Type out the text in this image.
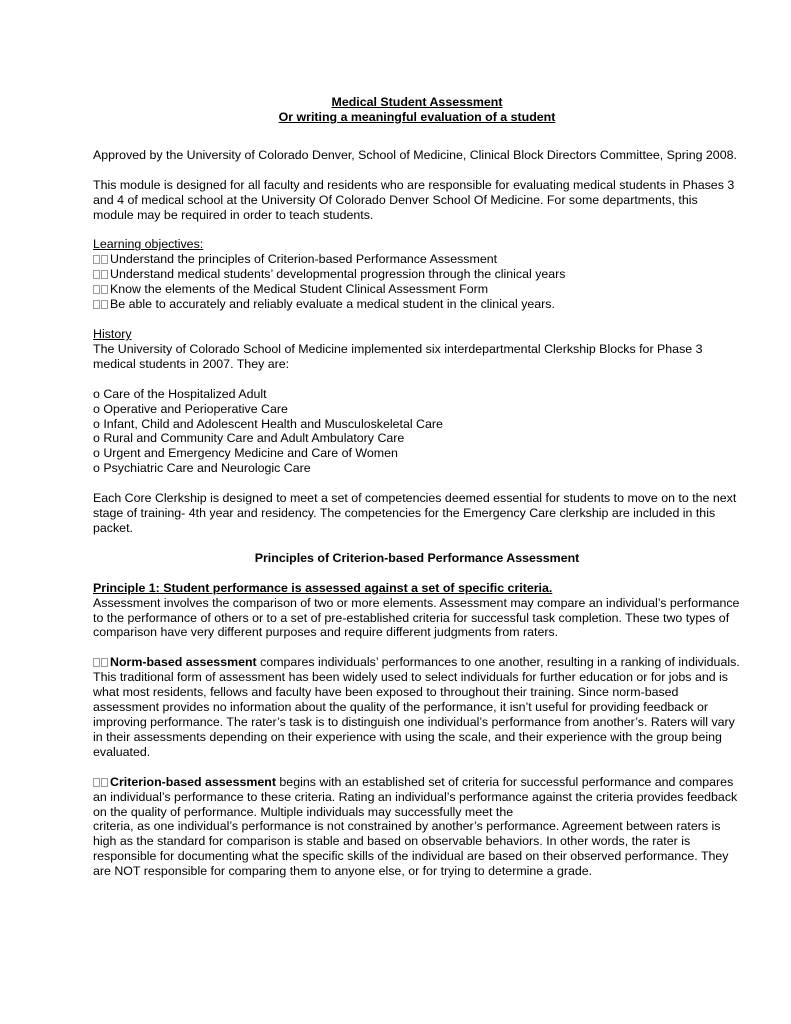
Medical Student Assessment

Or writing a meaningful evaluation of a student

Approved by the University of Colorado Denver, School of Medicine, Clinical Block Directors Committee, Spring 2008.

This module is designed for all faculty and residents who are responsible for evaluating medical students in Phases 3 and 4 of medical school at the University Of Colorado Denver School Of Medicine. For some departments, this module may be required in order to teach students.

Learning objectives:

Understand the principles of Criterion-based Performance Assessment

Understand medical students’ developmental progression through the clinical years

Know the elements of the Medical Student Clinical Assessment Form

Be able to accurately and reliably evaluate a medical student in the clinical years.

History

The University of Colorado School of Medicine implemented six interdepartmental Clerkship Blocks for Phase 3 medical students in 2007. They are:

o Care of the Hospitalized Adult

o Operative and Perioperative Care

o Infant, Child and Adolescent Health and Musculoskeletal Care

o Rural and Community Care and Adult Ambulatory Care

o Urgent and Emergency Medicine and Care of Women

o Psychiatric Care and Neurologic Care

Each Core Clerkship is designed to meet a set of competencies deemed essential for students to move on to the next stage of training- 4th year and residency. The competencies for the Emergency Care clerkship are included in this packet.

Principles of Criterion-based Performance Assessment

Principle 1: Student performance is assessed against a set of specific criteria.

Assessment involves the comparison of two or more elements. Assessment may compare an individual’s performance to the performance of others or to a set of pre-established criteria for successful task completion. These two types of comparison have very different purposes and require different judgments from raters.

Norm-based assessment compares individuals’ performances to one another, resulting in a ranking of individuals. This traditional form of assessment has been widely used to select individuals for further education or for jobs and is what most residents, fellows and faculty have been exposed to throughout their training. Since norm-based assessment provides no information about the quality of the performance, it isn’t useful for providing feedback or improving performance. The rater’s task is to distinguish one individual’s performance from another’s. Raters will vary in their assessments depending on their experience with using the scale, and their experience with the group being evaluated.

Criterion-based assessment begins with an established set of criteria for successful performance and compares an individual’s performance to these criteria. Rating an individual’s performance against the criteria provides feedback on the quality of performance. Multiple individuals may successfully meet the

criteria, as one individual’s performance is not constrained by another’s performance. Agreement between raters is high as the standard for comparison is stable and based on observable behaviors. In other words, the rater is responsible for documenting what the specific skills of the individual are based on their observed performance. They are NOT responsible for comparing them to anyone else, or for trying to determine a grade.
